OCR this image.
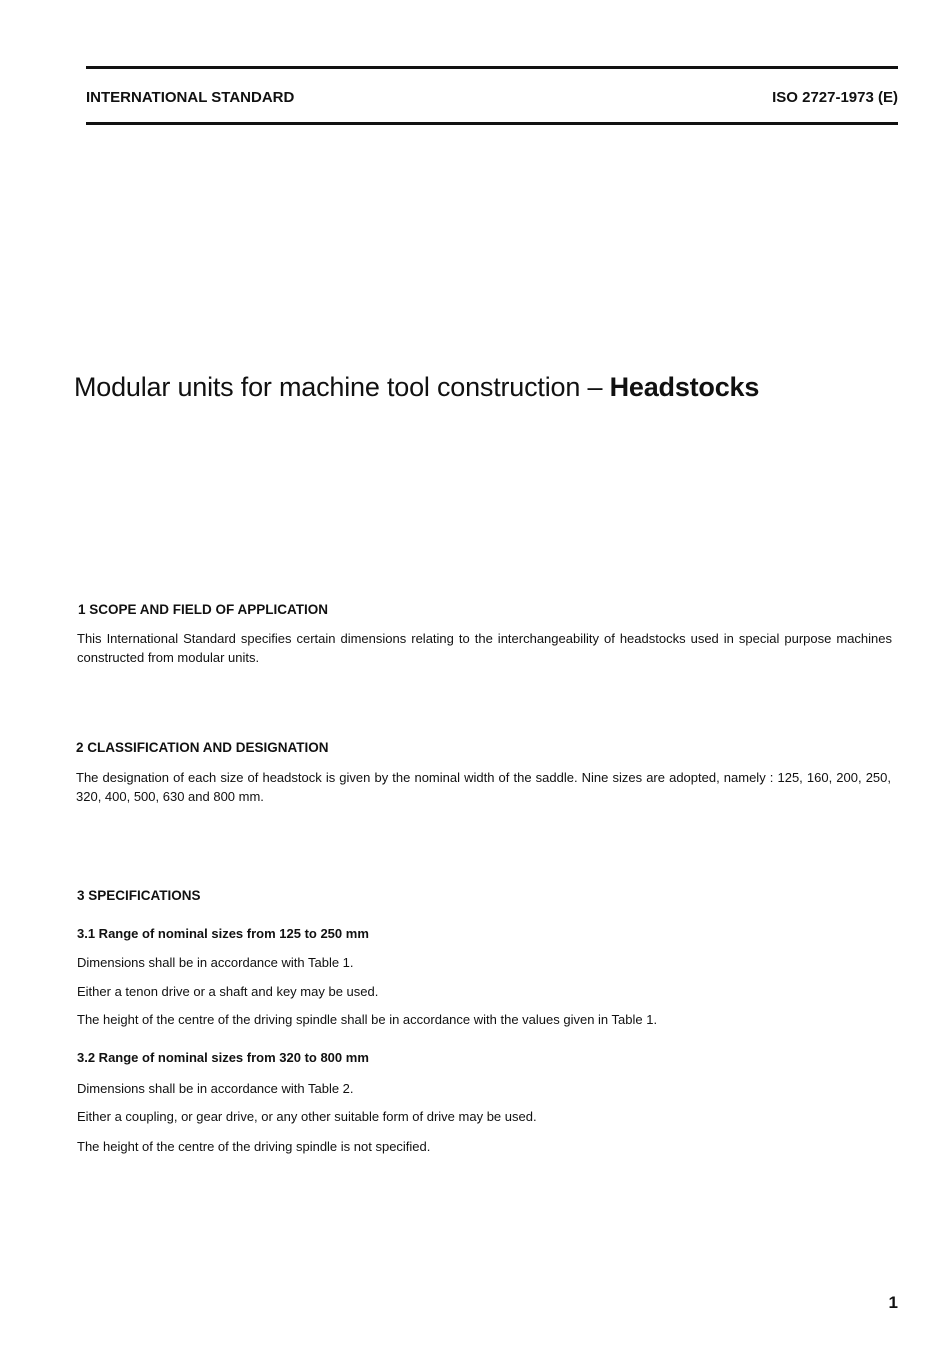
INTERNATIONAL STANDARD	ISO 2727-1973 (E)
Modular units for machine tool construction – Headstocks
1 SCOPE AND FIELD OF APPLICATION
This International Standard specifies certain dimensions relating to the interchangeability of headstocks used in special purpose machines constructed from modular units.
2 CLASSIFICATION AND DESIGNATION
The designation of each size of headstock is given by the nominal width of the saddle. Nine sizes are adopted, namely : 125, 160, 200, 250, 320, 400, 500, 630 and 800 mm.
3 SPECIFICATIONS
3.1 Range of nominal sizes from 125 to 250 mm
Dimensions shall be in accordance with Table 1.
Either a tenon drive or a shaft and key may be used.
The height of the centre of the driving spindle shall be in accordance with the values given in Table 1.
3.2 Range of nominal sizes from 320 to 800 mm
Dimensions shall be in accordance with Table 2.
Either a coupling, or gear drive, or any other suitable form of drive may be used.
The height of the centre of the driving spindle is not specified.
1
